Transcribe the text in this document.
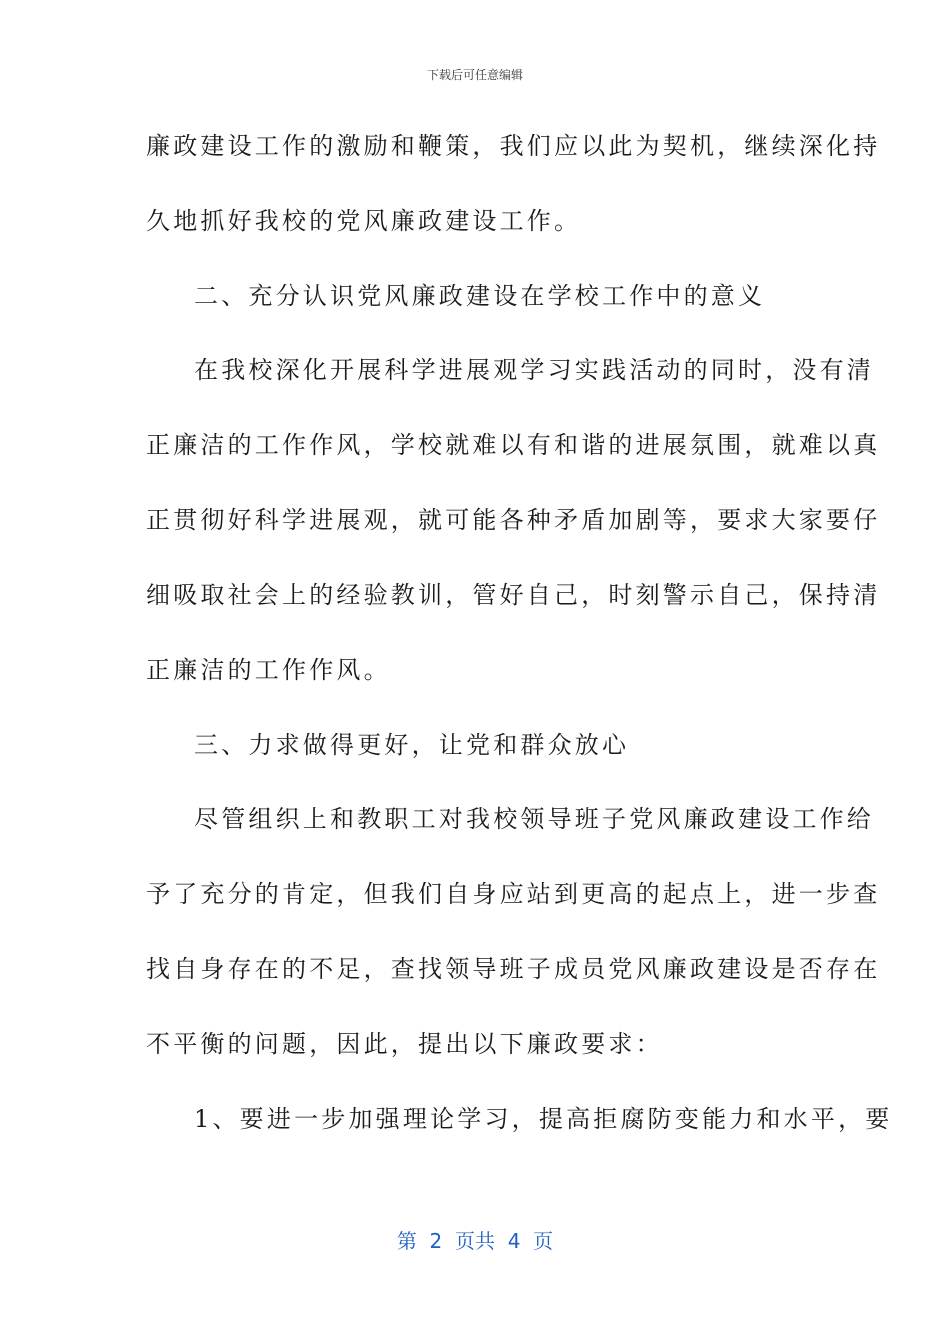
下载后可任意编辑
廉政建设工作的激励和鞭策，我们应以此为契机，继续深化持
久地抓好我校的党风廉政建设工作。
二、充分认识党风廉政建设在学校工作中的意义
在我校深化开展科学进展观学习实践活动的同时，没有清
正廉洁的工作作风，学校就难以有和谐的进展氛围，就难以真
正贯彻好科学进展观，就可能各种矛盾加剧等，要求大家要仔
细吸取社会上的经验教训，管好自己，时刻警示自己，保持清
正廉洁的工作作风。
三、力求做得更好，让党和群众放心
尽管组织上和教职工对我校领导班子党风廉政建设工作给
予了充分的肯定，但我们自身应站到更高的起点上，进一步查
找自身存在的不足，查找领导班子成员党风廉政建设是否存在
不平衡的问题，因此，提出以下廉政要求：
1、要进一步加强理论学习，提高拒腐防变能力和水平，要
第  2  页共  4  页
